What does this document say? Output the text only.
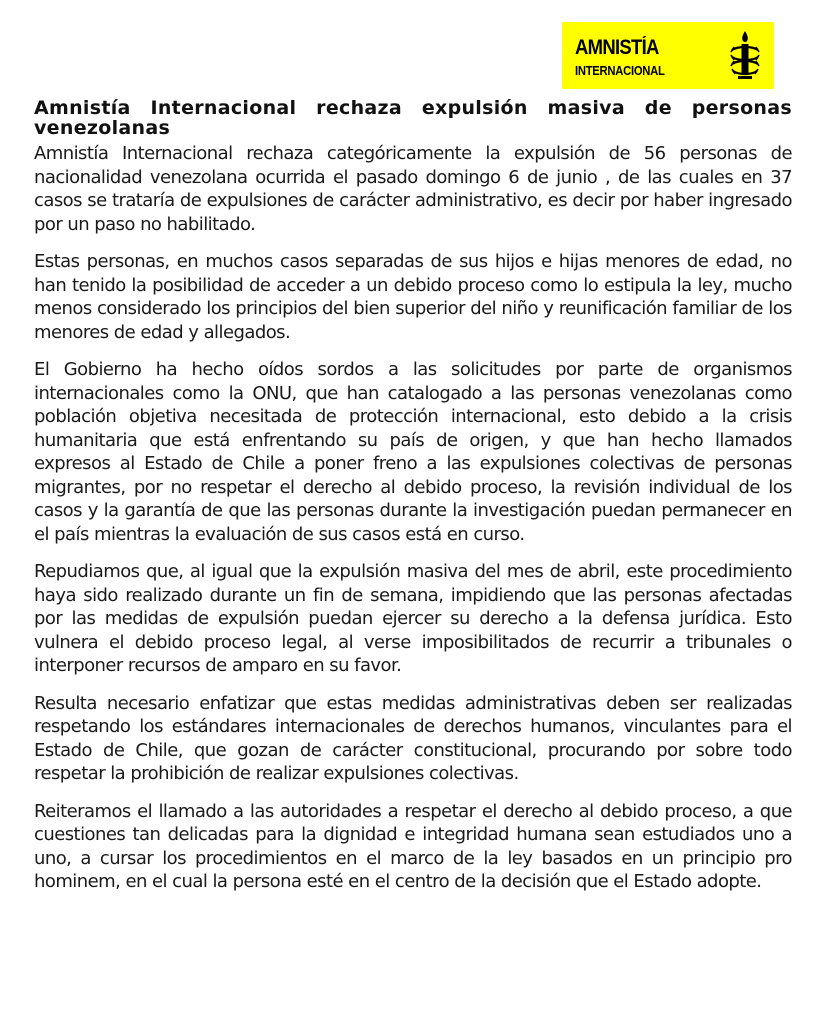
AMNISTÍA
INTERNACIONAL
Amnistía Internacional rechaza expulsión masiva de personas venezolanas

Amnistía Internacional rechaza categóricamente la expulsión de 56 personas de nacionalidad venezolana ocurrida el pasado domingo 6 de junio , de las cuales en 37 casos se trataría de expulsiones de carácter administrativo, es decir por haber ingresado por un paso no habilitado.

Estas personas, en muchos casos separadas de sus hijos e hijas menores de edad, no han tenido la posibilidad de acceder a un debido proceso como lo estipula la ley, mucho menos considerado los principios del bien superior del niño y reunificación familiar de los menores de edad y allegados.

El Gobierno ha hecho oídos sordos a las solicitudes por parte de organismos internacionales como la ONU, que han catalogado a las personas venezolanas como población objetiva necesitada de protección internacional, esto debido a la crisis humanitaria que está enfrentando su país de origen, y que han hecho llamados expresos al Estado de Chile a poner freno a las expulsiones colectivas de personas migrantes, por no respetar el derecho al debido proceso, la revisión individual de los casos y la garantía de que las personas durante la investigación puedan permanecer en el país mientras la evaluación de sus casos está en curso.

Repudiamos que, al igual que la expulsión masiva del mes de abril, este procedimiento haya sido realizado durante un fin de semana, impidiendo que las personas afectadas por las medidas de expulsión puedan ejercer su derecho a la defensa jurídica. Esto vulnera el debido proceso legal, al verse imposibilitados de recurrir a tribunales o interponer recursos de amparo en su favor.

Resulta necesario enfatizar que estas medidas administrativas deben ser realizadas respetando los estándares internacionales de derechos humanos, vinculantes para el Estado de Chile, que gozan de carácter constitucional, procurando por sobre todo respetar la prohibición de realizar expulsiones colectivas.

Reiteramos el llamado a las autoridades a respetar el derecho al debido proceso, a que cuestiones tan delicadas para la dignidad e integridad humana sean estudiados uno a uno, a cursar los procedimientos en el marco de la ley basados en un principio pro hominem, en el cual la persona esté en el centro de la decisión que el Estado adopte.
